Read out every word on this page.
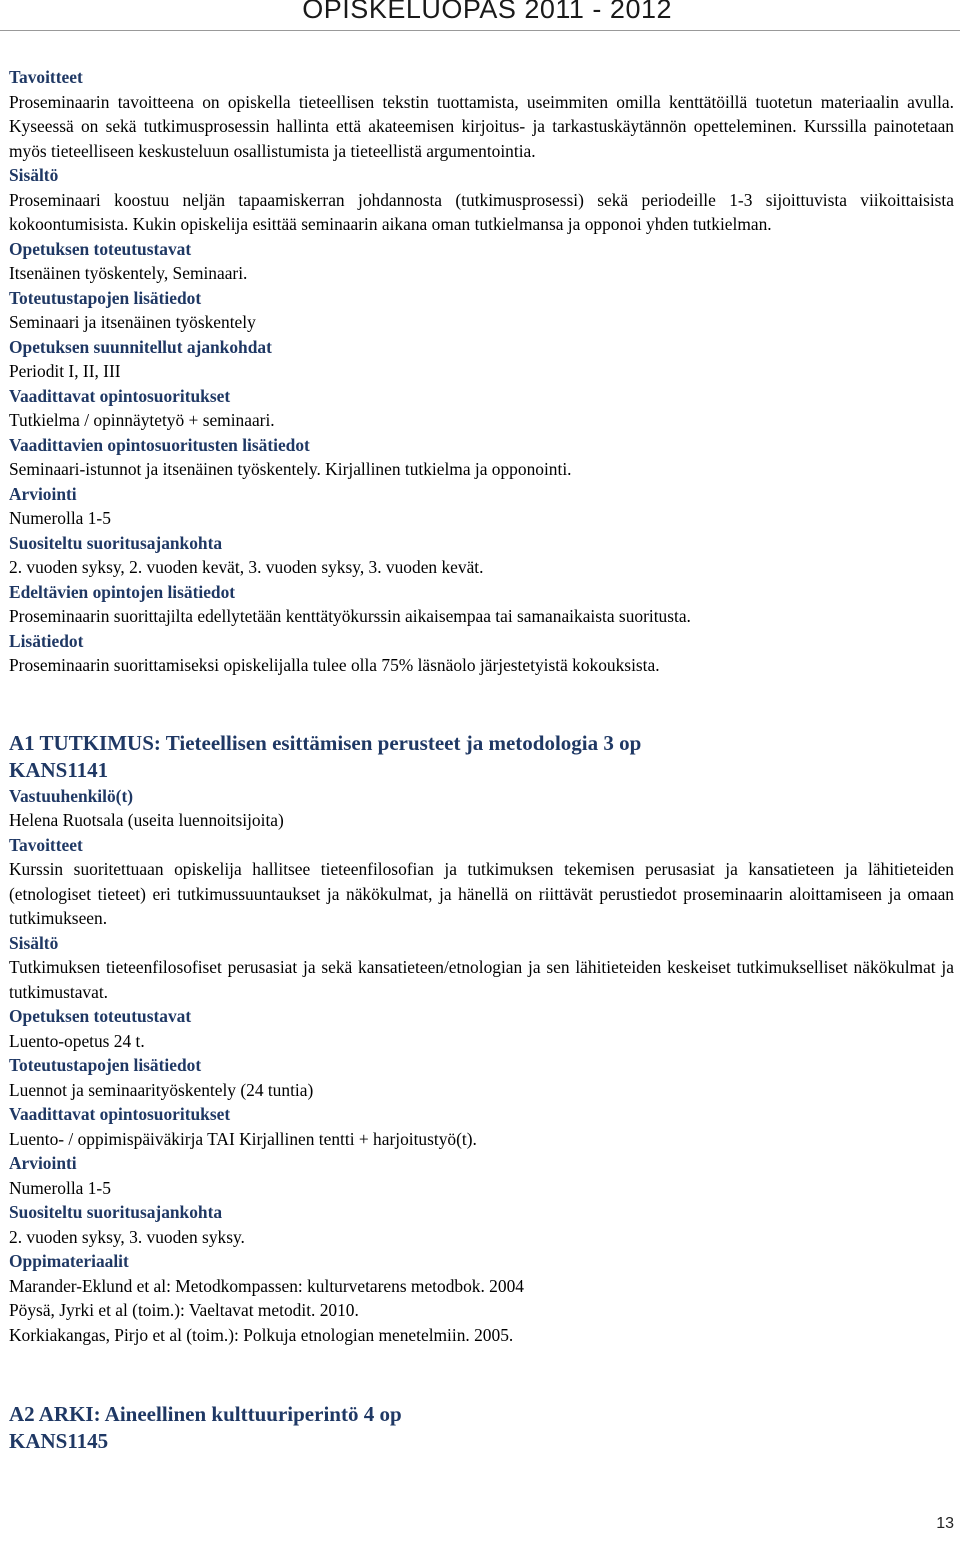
OPISKELUOPAS 2011 - 2012
Tavoitteet
Proseminaarin tavoitteena on opiskella tieteellisen tekstin tuottamista, useimmiten omilla kenttätöillä tuotetun materiaalin avulla. Kyseessä on sekä tutkimusprosessin hallinta että akateemisen kirjoitus- ja tarkastuskäytännön opetteleminen. Kurssilla painotetaan myös tieteelliseen keskusteluun osallistumista ja tieteellistä argumentointia.
Sisältö
Proseminaari koostuu neljän tapaamiskerran johdannosta (tutkimusprosessi) sekä periodeille 1-3 sijoittuvista viikoittaisista kokoontumisista. Kukin opiskelija esittää seminaarin aikana oman tutkielmansa ja opponoi yhden tutkielman.
Opetuksen toteutustavat
Itsenäinen työskentely, Seminaari.
Toteutustapojen lisätiedot
Seminaari ja itsenäinen työskentely
Opetuksen suunnitellut ajankohdat
Periodit I, II, III
Vaadittavat opintosuoritukset
Tutkielma / opinnäytetyö + seminaari.
Vaadittavien opintosuoritusten lisätiedot
Seminaari-istunnot ja itsenäinen työskentely. Kirjallinen tutkielma ja opponointi.
Arviointi
Numerolla 1-5
Suositeltu suoritusajankohta
2. vuoden syksy, 2. vuoden kevät, 3. vuoden syksy, 3. vuoden kevät.
Edeltävien opintojen lisätiedot
Proseminaarin suorittajilta edellytetään kenttätyökurssin aikaisempaa tai samanaikaista suoritusta.
Lisätiedot
Proseminaarin suorittamiseksi opiskelijalla tulee olla 75% läsnäolo järjestetyistä kokouksista.
A1 TUTKIMUS: Tieteellisen esittämisen perusteet ja metodologia 3 op
KANS1141
Vastuuhenkilö(t)
Helena Ruotsala (useita luennoitsijoita)
Tavoitteet
Kurssin suoritettuaan opiskelija hallitsee tieteenfilosofian ja tutkimuksen tekemisen perusasiat ja kansatieteen ja lähitieteiden (etnologiset tieteet) eri tutkimussuuntaukset ja näkökulmat, ja hänellä on riittävät perustiedot proseminaarin aloittamiseen ja omaan tutkimukseen.
Sisältö
Tutkimuksen tieteenfilosofiset perusasiat ja sekä kansatieteen/etnologian ja sen lähitieteiden keskeiset tutkimukselliset näkökulmat ja tutkimustavat.
Opetuksen toteutustavat
Luento-opetus 24 t.
Toteutustapojen lisätiedot
Luennot ja seminaarityöskentely (24 tuntia)
Vaadittavat opintosuoritukset
Luento- / oppimispäiväkirja TAI Kirjallinen tentti + harjoitustyö(t).
Arviointi
Numerolla 1-5
Suositeltu suoritusajankohta
2. vuoden syksy, 3. vuoden syksy.
Oppimateriaalit
Marander-Eklund et al: Metodkompassen: kulturvetarens metodbok. 2004
Pöysä, Jyrki et al (toim.): Vaeltavat metodit. 2010.
Korkiakangas, Pirjo et al (toim.): Polkuja etnologian menetelmiin. 2005.
A2 ARKI: Aineellinen kulttuuriperintö 4 op
KANS1145
13
